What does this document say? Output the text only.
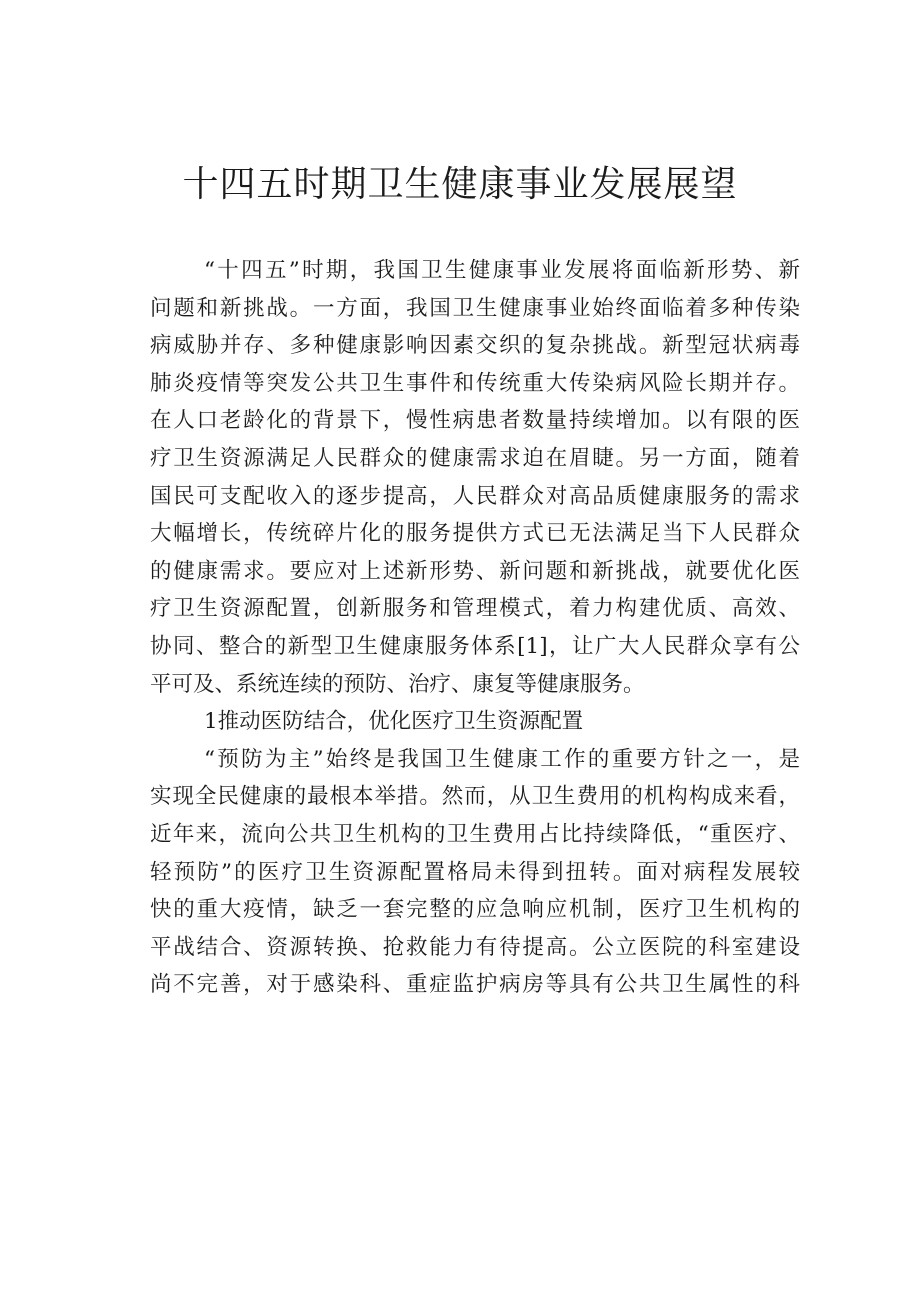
十四五时期卫生健康事业发展展望

“十四五”时期，我国卫生健康事业发展将面临新形势、新

问题和新挑战。一方面，我国卫生健康事业始终面临着多种传染

病威胁并存、多种健康影响因素交织的复杂挑战。新型冠状病毒

肺炎疫情等突发公共卫生事件和传统重大传染病风险长期并存。

在人口老龄化的背景下，慢性病患者数量持续增加。以有限的医

疗卫生资源满足人民群众的健康需求迫在眉睫。另一方面，随着

国民可支配收入的逐步提高，人民群众对高品质健康服务的需求

大幅增长，传统碎片化的服务提供方式已无法满足当下人民群众

的健康需求。要应对上述新形势、新问题和新挑战，就要优化医

疗卫生资源配置，创新服务和管理模式，着力构建优质、高效、

协同、整合的新型卫生健康服务体系[1]，让广大人民群众享有公

平可及、系统连续的预防、治疗、康复等健康服务。

1推动医防结合，优化医疗卫生资源配置

“预防为主”始终是我国卫生健康工作的重要方针之一，是

实现全民健康的最根本举措。然而，从卫生费用的机构构成来看，

近年来，流向公共卫生机构的卫生费用占比持续降低，“重医疗、

轻预防”的医疗卫生资源配置格局未得到扭转。面对病程发展较

快的重大疫情，缺乏一套完整的应急响应机制，医疗卫生机构的

平战结合、资源转换、抢救能力有待提高。公立医院的科室建设

尚不完善，对于感染科、重症监护病房等具有公共卫生属性的科
